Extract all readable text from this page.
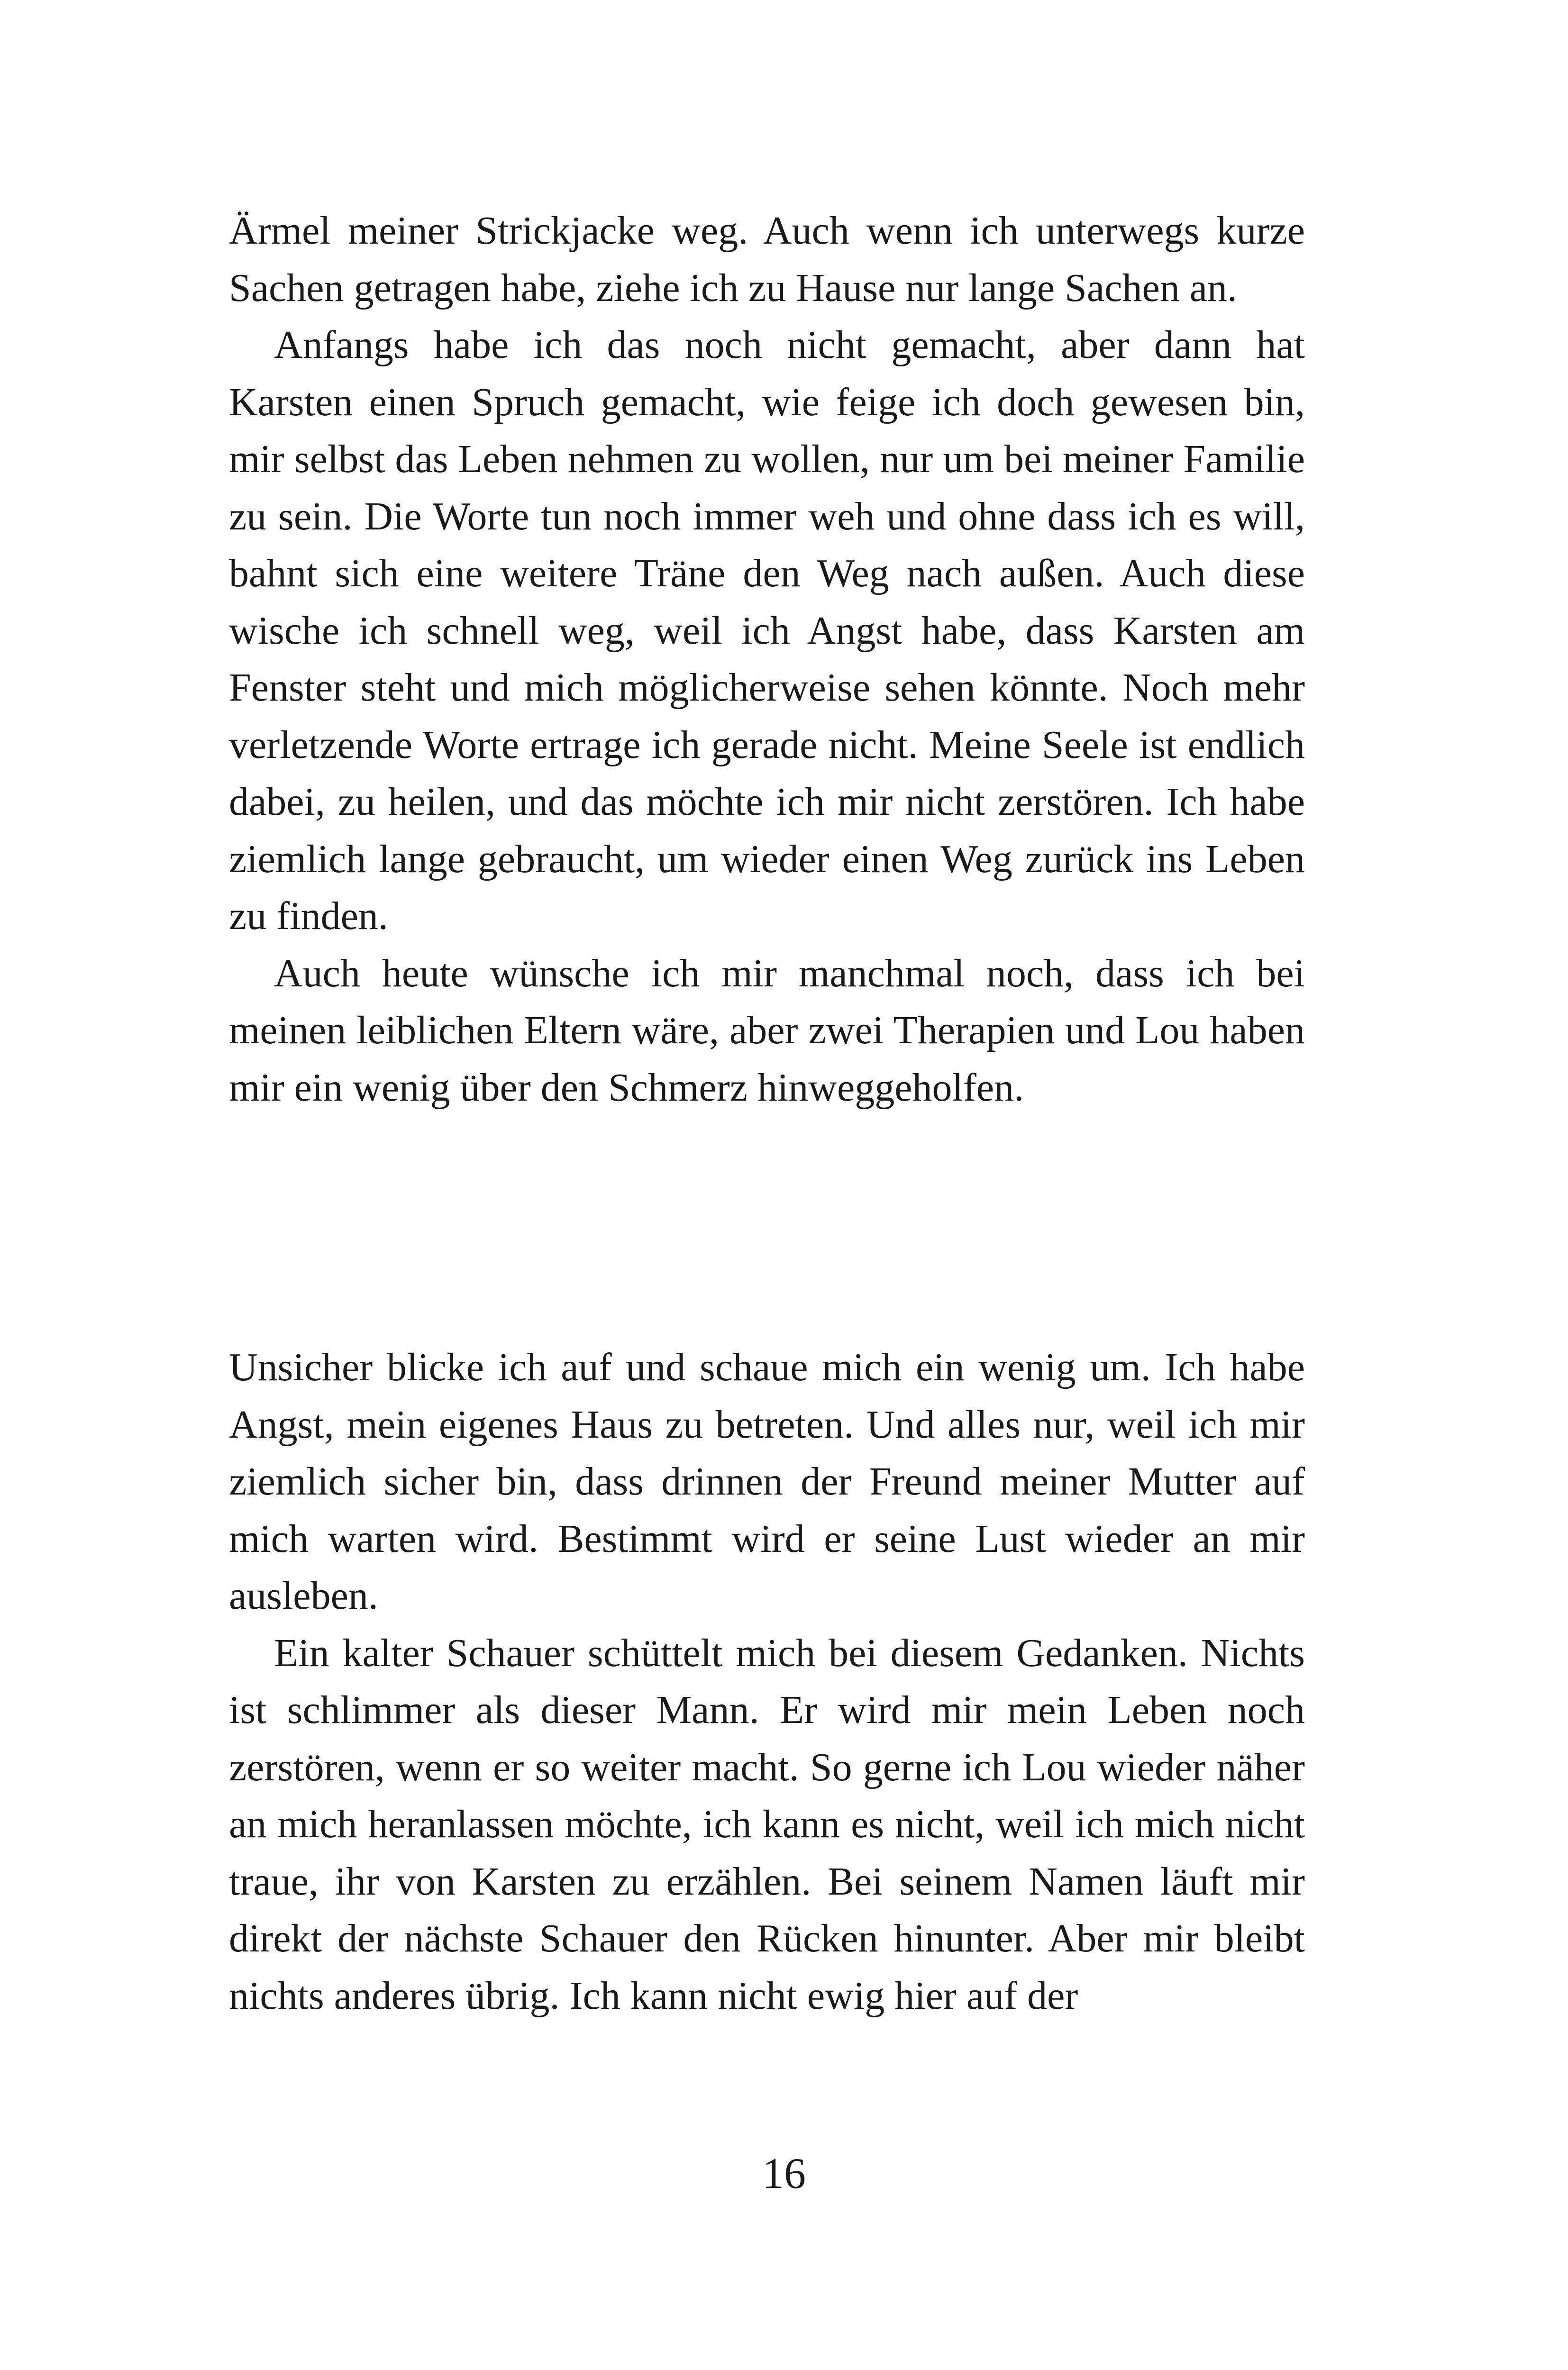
Ärmel meiner Strickjacke weg. Auch wenn ich unterwegs kurze Sachen getragen habe, ziehe ich zu Hause nur lange Sachen an.

Anfangs habe ich das noch nicht gemacht, aber dann hat Karsten einen Spruch gemacht, wie feige ich doch gewesen bin, mir selbst das Leben nehmen zu wollen, nur um bei meiner Familie zu sein. Die Worte tun noch immer weh und ohne dass ich es will, bahnt sich eine weitere Träne den Weg nach außen. Auch diese wische ich schnell weg, weil ich Angst habe, dass Karsten am Fenster steht und mich möglicherweise sehen könnte. Noch mehr verletzende Worte ertrage ich gerade nicht. Meine Seele ist endlich dabei, zu heilen, und das möchte ich mir nicht zerstören. Ich habe ziemlich lange gebraucht, um wieder einen Weg zurück ins Leben zu finden.

Auch heute wünsche ich mir manchmal noch, dass ich bei meinen leiblichen Eltern wäre, aber zwei Therapien und Lou haben mir ein wenig über den Schmerz hinweggeholfen.

Unsicher blicke ich auf und schaue mich ein wenig um. Ich habe Angst, mein eigenes Haus zu betreten. Und alles nur, weil ich mir ziemlich sicher bin, dass drinnen der Freund meiner Mutter auf mich warten wird. Bestimmt wird er seine Lust wieder an mir ausleben.

Ein kalter Schauer schüttelt mich bei diesem Gedanken. Nichts ist schlimmer als dieser Mann. Er wird mir mein Leben noch zerstören, wenn er so weiter macht. So gerne ich Lou wieder näher an mich heranlassen möchte, ich kann es nicht, weil ich mich nicht traue, ihr von Karsten zu erzählen. Bei seinem Namen läuft mir direkt der nächste Schauer den Rücken hinunter. Aber mir bleibt nichts anderes übrig. Ich kann nicht ewig hier auf der

16
